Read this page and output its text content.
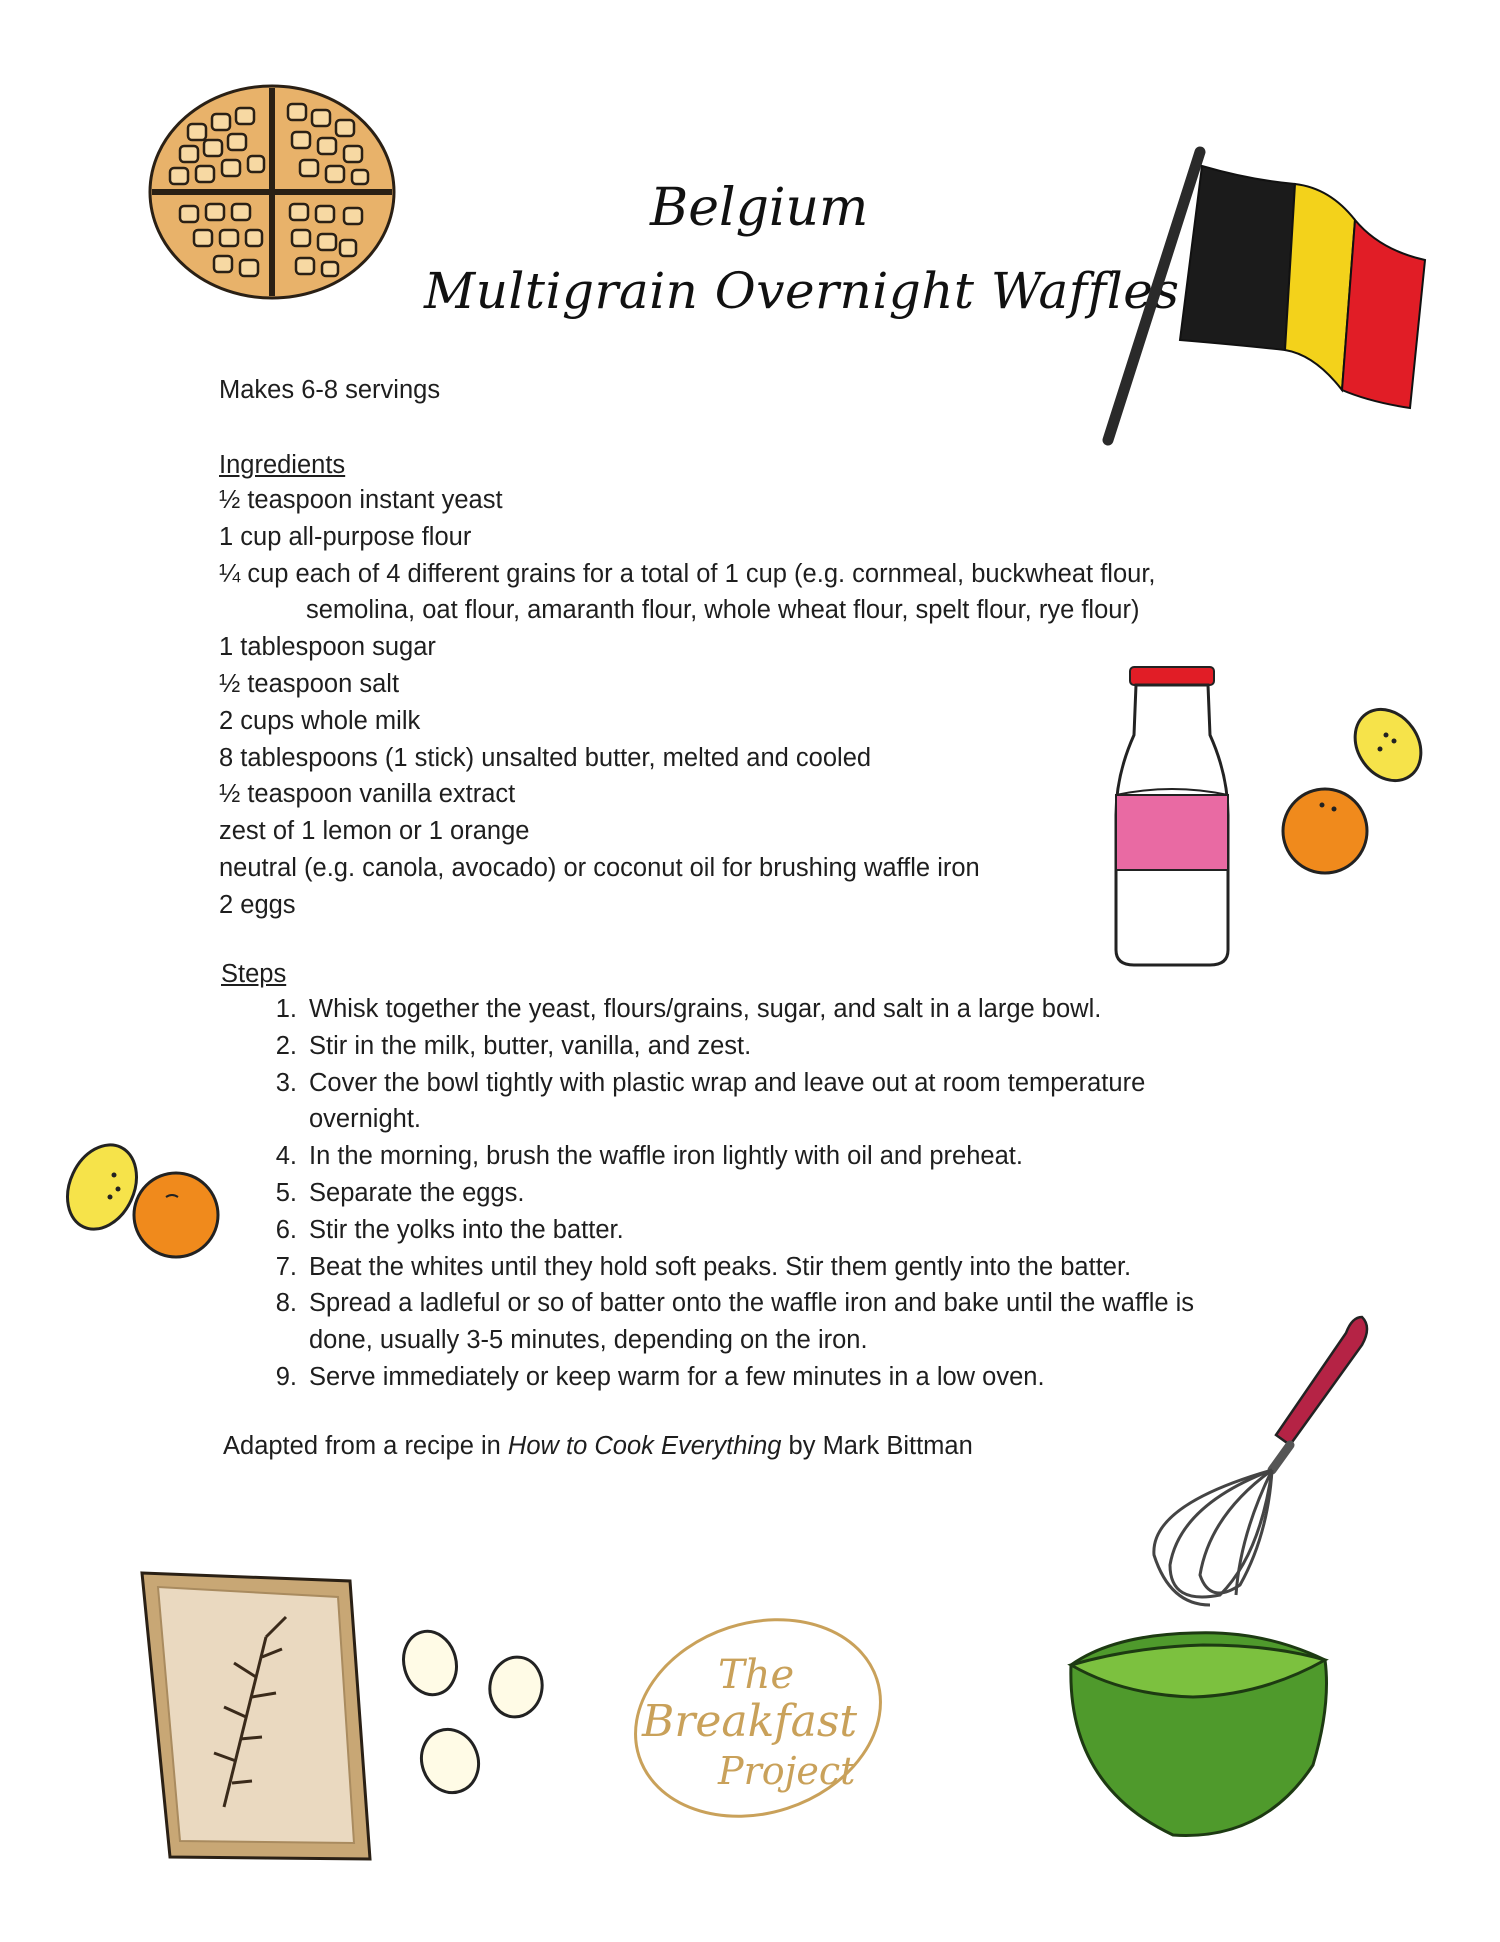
Belgium
Multigrain Overnight Waffles
Makes 6-8 servings
Ingredients
½ teaspoon instant yeast
1 cup all-purpose flour
¼ cup each of 4 different grains for a total of 1 cup (e.g. cornmeal, buckwheat flour,
semolina, oat flour, amaranth flour, whole wheat flour, spelt flour, rye flour)
1 tablespoon sugar
½ teaspoon salt
2 cups whole milk
8 tablespoons (1 stick) unsalted butter, melted and cooled
½ teaspoon vanilla extract
zest of 1 lemon or 1 orange
neutral (e.g. canola, avocado) or coconut oil for brushing waffle iron
2 eggs
Steps
1. Whisk together the yeast, flours/grains, sugar, and salt in a large bowl.
2. Stir in the milk, butter, vanilla, and zest.
3. Cover the bowl tightly with plastic wrap and leave out at room temperature overnight.
4. In the morning, brush the waffle iron lightly with oil and preheat.
5. Separate the eggs.
6. Stir the yolks into the batter.
7. Beat the whites until they hold soft peaks. Stir them gently into the batter.
8. Spread a ladleful or so of batter onto the waffle iron and bake until the waffle is done, usually 3-5 minutes, depending on the iron.
9. Serve immediately or keep warm for a few minutes in a low oven.
Adapted from a recipe in How to Cook Everything by Mark Bittman
The
Breakfast
Project
